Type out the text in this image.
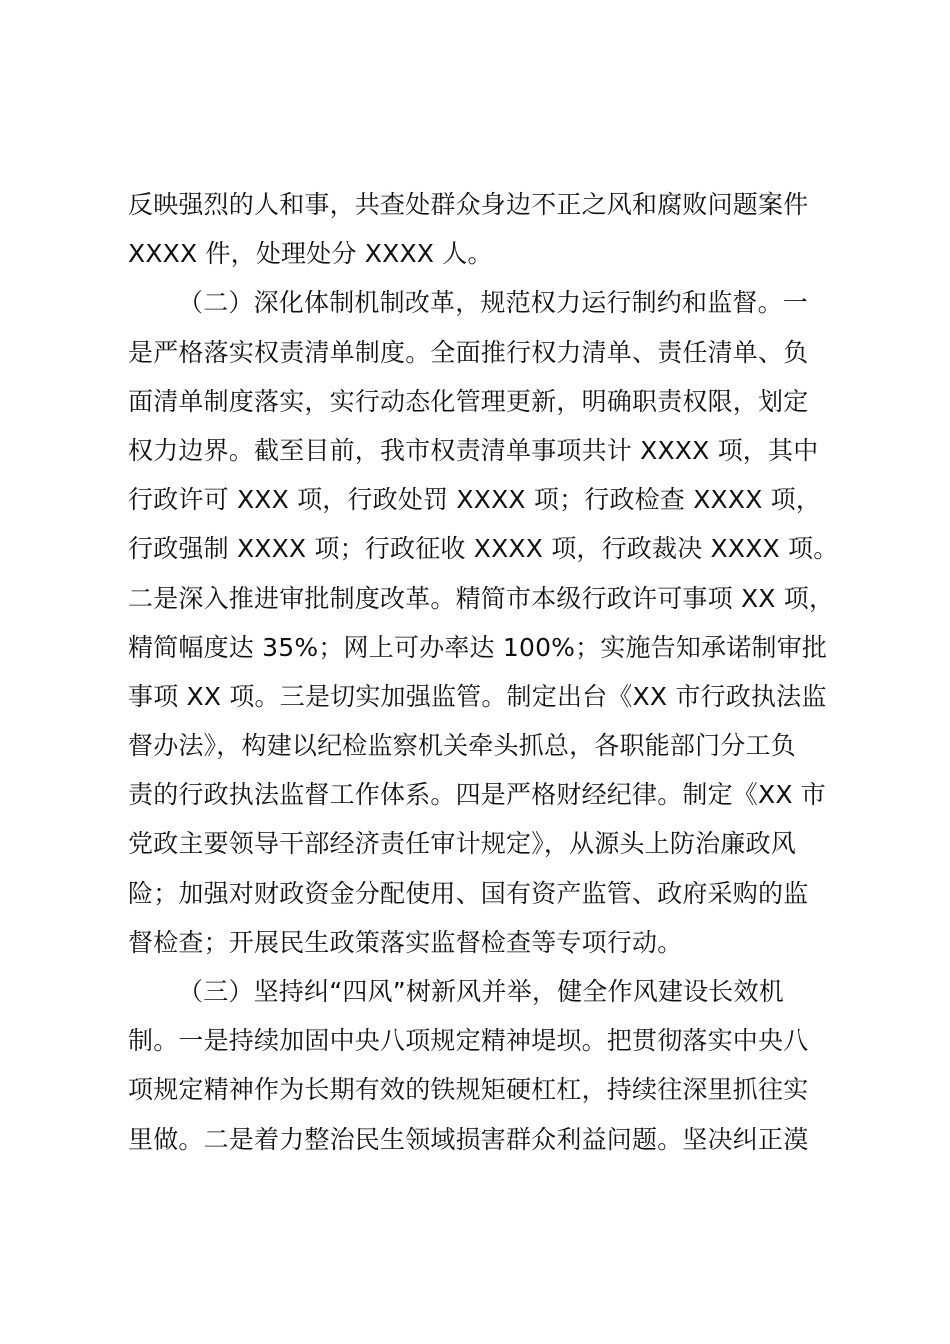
反映强烈的人和事，共查处群众身边不正之风和腐败问题案件
XXXX 件，处理处分 XXXX 人。
（二）深化体制机制改革，规范权力运行制约和监督。一
是严格落实权责清单制度。全面推行权力清单、责任清单、负
面清单制度落实，实行动态化管理更新，明确职责权限，划定
权力边界。截至目前，我市权责清单事项共计 XXXX 项，其中
行政许可 XXX 项，行政处罚 XXXX 项；行政检查 XXXX 项，
行政强制 XXXX 项；行政征收 XXXX 项，行政裁决 XXXX 项。
二是深入推进审批制度改革。精简市本级行政许可事项 XX 项，
精简幅度达 35%；网上可办率达 100%；实施告知承诺制审批
事项 XX 项。三是切实加强监管。制定出台《XX 市行政执法监
督办法》，构建以纪检监察机关牵头抓总，各职能部门分工负
责的行政执法监督工作体系。四是严格财经纪律。制定《XX 市
党政主要领导干部经济责任审计规定》，从源头上防治廉政风
险；加强对财政资金分配使用、国有资产监管、政府采购的监
督检查；开展民生政策落实监督检查等专项行动。
（三）坚持纠“四风”树新风并举，健全作风建设长效机
制。一是持续加固中央八项规定精神堤坝。把贯彻落实中央八
项规定精神作为长期有效的铁规矩硬杠杠，持续往深里抓往实
里做。二是着力整治民生领域损害群众利益问题。坚决纠正漠
